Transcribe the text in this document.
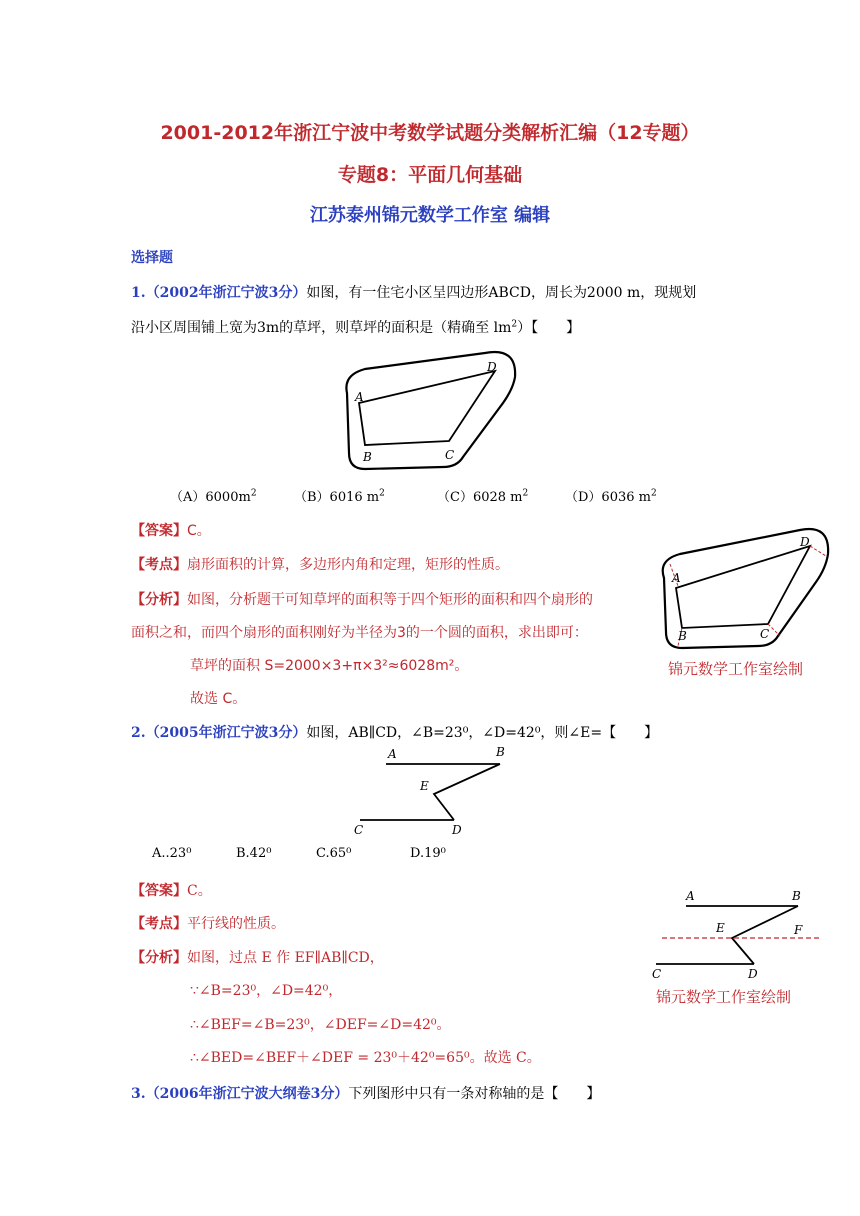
2001-2012年浙江宁波中考数学试题分类解析汇编（12专题）
专题8：平面几何基础
江苏泰州锦元数学工作室 编辑
选择题
1.（2002年浙江宁波3分）如图，有一住宅小区呈四边形ABCD，周长为2000 m，现规划
沿小区周围铺上宽为3m的草坪，则草坪的面积是（精确至 $lm^2$）【　　】
A
B	C
D
$(A)6000m^2$	（B）6016 $m^2$	（C）6028 $m^2$	（D）6036 $m^2$
【答案】C。
【考点】扇形面积的计算，多边形内角和定理，矩形的性质。
【分析】如图，分析题干可知草坪的面积等于四个矩形的面积和四个扇形的
面积之和，而四个扇形的面积刚好为半径为3的一个圆的面积，求出即可：
草坪的面积 S=2000×3+π×3²≈6028m²。
故选 C。
A
B	C
D
锦元数学工作室绘制
2.（2005年浙江宁波3分）如图，AB∥CD，∠B=23⁰，∠D=42⁰，则∠E=【　　】
A	B
E
C	D
A..23⁰	B.42⁰	C.65⁰	D.19⁰
【答案】C。
【考点】平行线的性质。
【分析】如图，过点 E 作 EF∥AB∥CD，
∵∠B=23⁰，∠D=42⁰，
∴∠BEF=∠B=23⁰，∠DEF=∠D=42⁰。
∴∠BED=∠BEF＋∠DEF = 23⁰＋42⁰=65⁰。故选 C。
A	B
E	F
C	D
锦元数学工作室绘制
3.（2006年浙江宁波大纲卷3分）下列图形中只有一条对称轴的是【　　】
